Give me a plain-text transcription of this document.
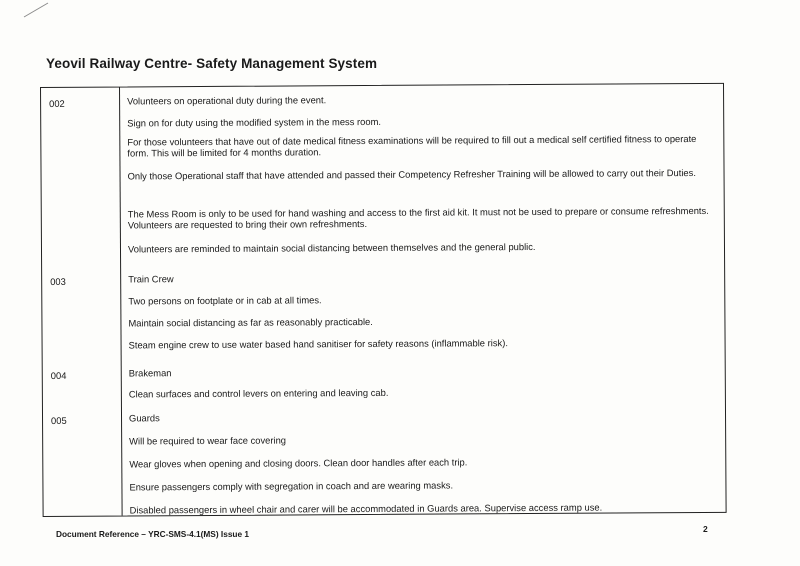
Yeovil Railway Centre- Safety Management System
002	Volunteers on operational duty during the event.
Sign on for duty using the modified system in the mess room.
For those volunteers that have out of date medical fitness examinations will be required to fill out a medical self certified fitness to operate form. This will be limited for 4 months duration.
Only those Operational staff that have attended and passed their Competency Refresher Training will be allowed to carry out their Duties.
The Mess Room is only to be used for hand washing and access to the first aid kit. It must not be used to prepare or consume refreshments. Volunteers are requested to bring their own refreshments.
Volunteers are reminded to maintain social distancing between themselves and the general public.
003	Train Crew
Two persons on footplate or in cab at all times.
Maintain social distancing as far as reasonably practicable.
Steam engine crew to use water based hand sanitiser for safety reasons (inflammable risk).
004	Brakeman
Clean surfaces and control levers on entering and leaving cab.
005	Guards
Will be required to wear face covering
Wear gloves when opening and closing doors. Clean door handles after each trip.
Ensure passengers comply with segregation in coach and are wearing masks.
Disabled passengers in wheel chair and carer will be accommodated in Guards area. Supervise access ramp use.
Document Reference – YRC-SMS-4.1(MS) Issue 1	2
